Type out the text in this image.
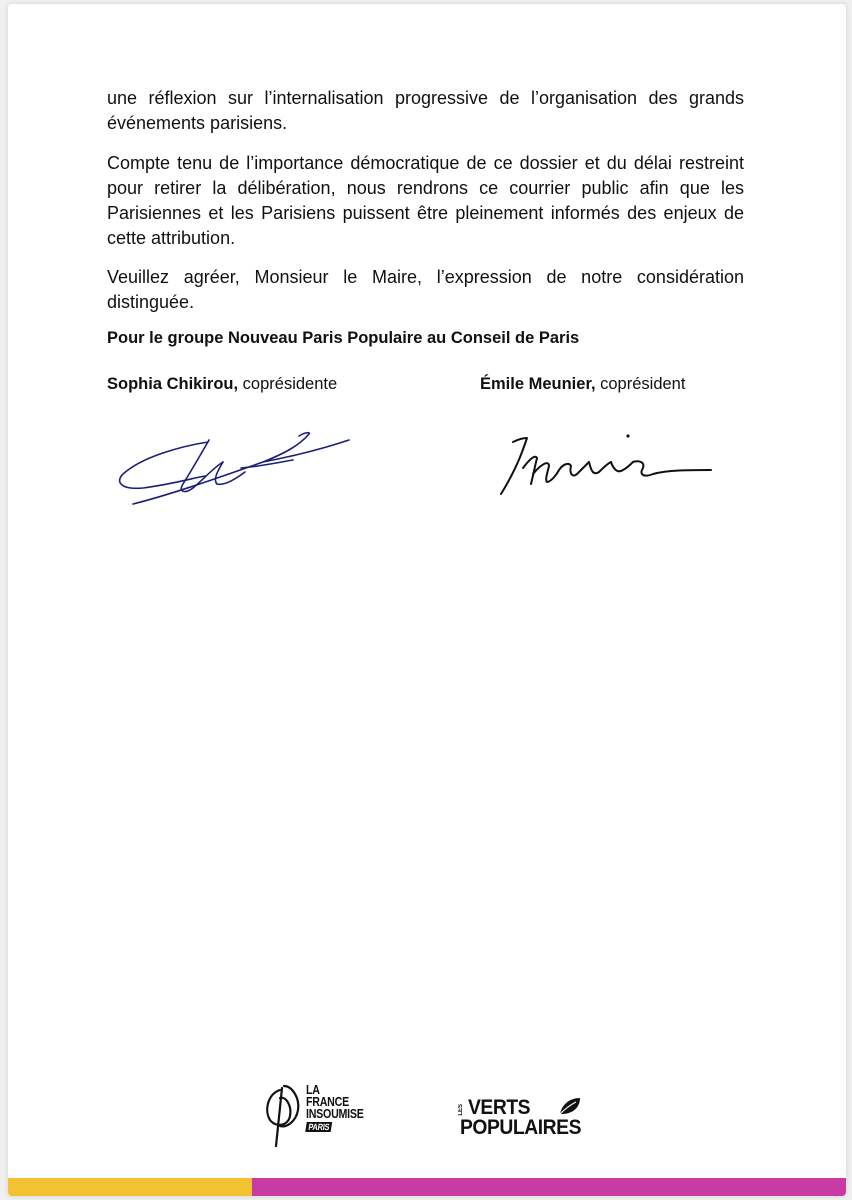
une réflexion sur l’internalisation progressive de l’organisation des grands événements parisiens.

Compte tenu de l’importance démocratique de ce dossier et du délai restreint pour retirer la délibération, nous rendrons ce courrier public afin que les Parisiennes et les Parisiens puissent être pleinement informés des enjeux de cette attribution.

Veuillez agréer, Monsieur le Maire, l’expression de notre considération distinguée.

Pour le groupe Nouveau Paris Populaire au Conseil de Paris

Sophia Chikirou, coprésidente	Émile Meunier, coprésident

LA
FRANCE
INSOUMISE
PARIS
LES VERTS
POPULAIRES
